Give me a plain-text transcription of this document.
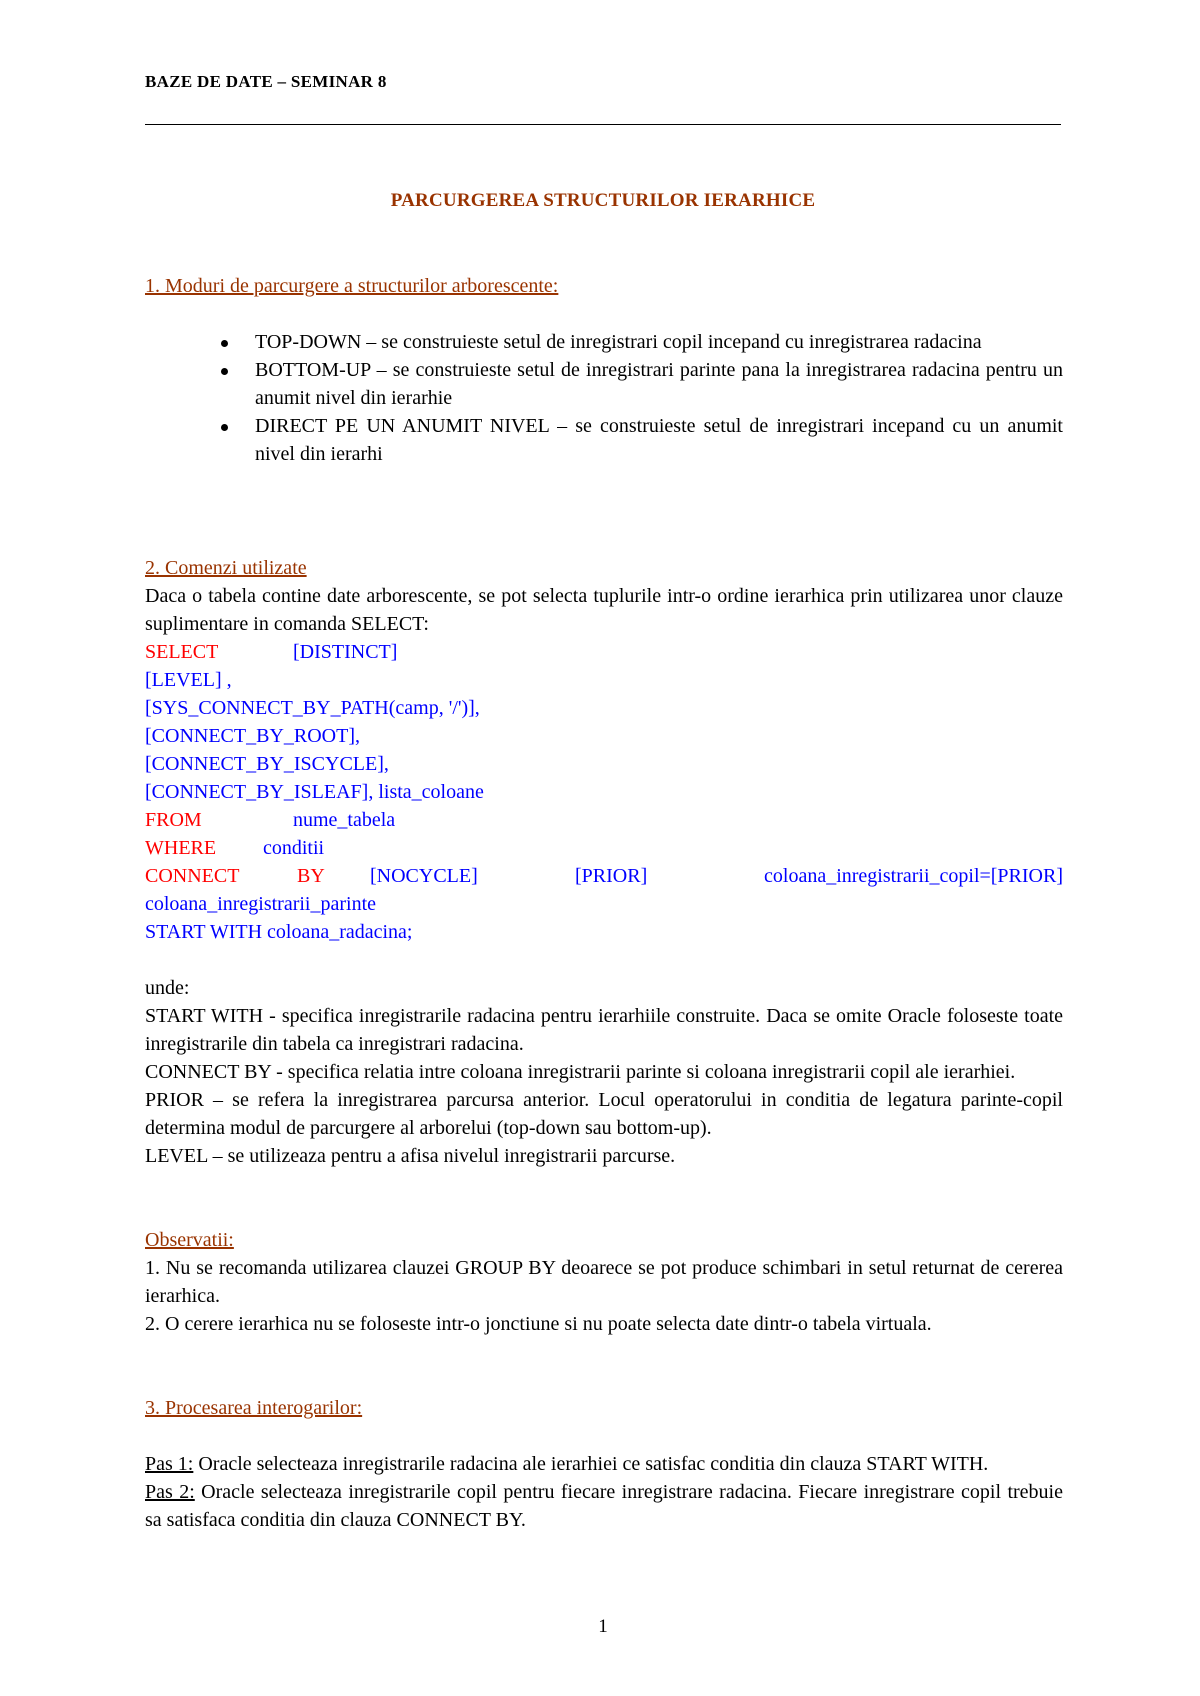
BAZE DE DATE – SEMINAR 8
PARCURGEREA STRUCTURILOR IERARHICE
1. Moduri de parcurgere a structurilor arborescente:
TOP-DOWN – se construieste setul de inregistrari copil incepand cu inregistrarea radacina
BOTTOM-UP – se construieste setul de inregistrari parinte pana la inregistrarea radacina pentru un anumit nivel din ierarhie
DIRECT PE UN ANUMIT NIVEL – se construieste setul de inregistrari incepand cu un anumit nivel din ierarhi
2. Comenzi utilizate
Daca o tabela contine date arborescente, se pot selecta tuplurile intr-o ordine ierarhica prin utilizarea unor clauze suplimentare in comanda SELECT:
SELECT	[DISTINCT]
[LEVEL] ,
[SYS_CONNECT_BY_PATH(camp, '/')],
[CONNECT_BY_ROOT],
[CONNECT_BY_ISCYCLE],
[CONNECT_BY_ISLEAF], lista_coloane
FROM	nume_tabela
WHERE conditii
CONNECT	BY [NOCYCLE]	[PRIOR]	coloana_inregistrarii_copil=[PRIOR]
coloana_inregistrarii_parinte
START WITH coloana_radacina;
unde:
START WITH - specifica inregistrarile radacina pentru ierarhiile construite. Daca se omite Oracle foloseste toate inregistrarile din tabela ca inregistrari radacina.
CONNECT BY - specifica relatia intre coloana inregistrarii parinte si coloana inregistrarii copil ale ierarhiei.
PRIOR – se refera la inregistrarea parcursa anterior. Locul operatorului in conditia de legatura parinte-copil determina modul de parcurgere al arborelui (top-down sau bottom-up).
LEVEL – se utilizeaza pentru a afisa nivelul inregistrarii parcurse.
Observatii:
1. Nu se recomanda utilizarea clauzei GROUP BY deoarece se pot produce schimbari in setul returnat de cererea ierarhica.
2. O cerere ierarhica nu se foloseste intr-o jonctiune si nu poate selecta date dintr-o tabela virtuala.
3. Procesarea interogarilor:
Pas 1: Oracle selecteaza inregistrarile radacina ale ierarhiei ce satisfac conditia din clauza START WITH.
Pas 2: Oracle selecteaza inregistrarile copil pentru fiecare inregistrare radacina. Fiecare inregistrare copil trebuie sa satisfaca conditia din clauza CONNECT BY.
1
